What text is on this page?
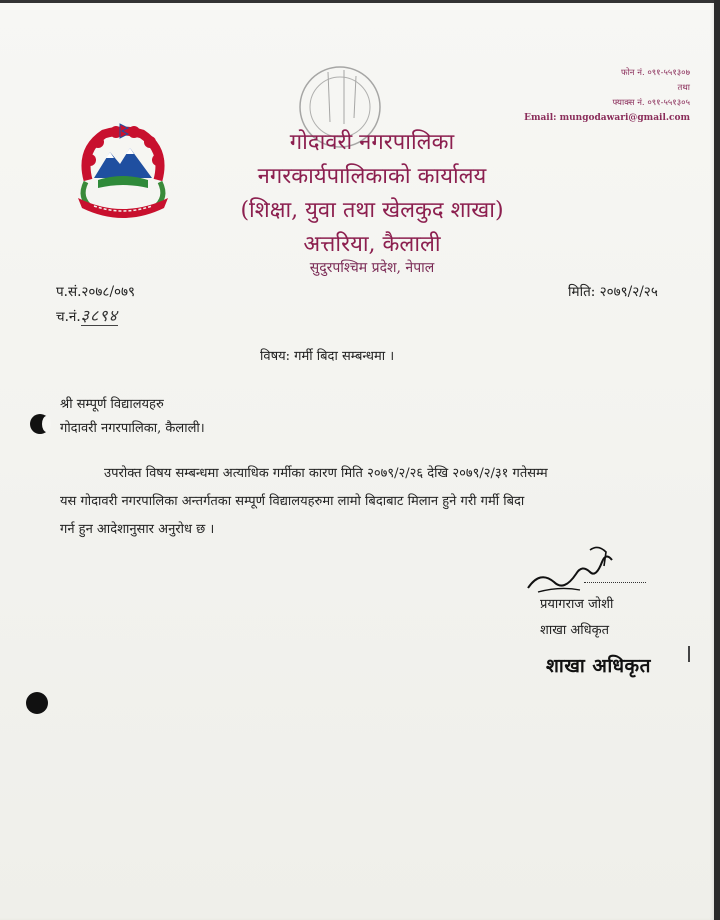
फोन नं. ०९१-५५१३०७
तथा
फ्याक्स नं. ०९१-५५१३०५
Email: mungodawari@gmail.com
गोदावरी नगरपालिका
नगरकार्यपालिकाको कार्यालय
(शिक्षा, युवा तथा खेलकुद शाखा)
अत्तरिया, कैलाली
सुदुरपश्चिम प्रदेश, नेपाल
प.सं.२०७८/०७९
च.नं.३८९४
मिति: २०७९/२/२५
विषय: गर्मी बिदा सम्बन्धमा ।
श्री सम्पूर्ण विद्यालयहरु
गोदावरी नगरपालिका, कैलाली।
उपरोक्त विषय सम्बन्धमा अत्याधिक गर्मीका कारण मिति २०७९/२/२६ देखि २०७९/२/३१ गतेसम्म
यस गोदावरी नगरपालिका अन्तर्गतका सम्पूर्ण विद्यालयहरुमा लामो बिदाबाट मिलान हुने गरी गर्मी बिदा
गर्न हुन आदेशानुसार अनुरोध छ ।
प्रयागराज जोशी
शाखा अधिकृत
शाखा अधिकृत
